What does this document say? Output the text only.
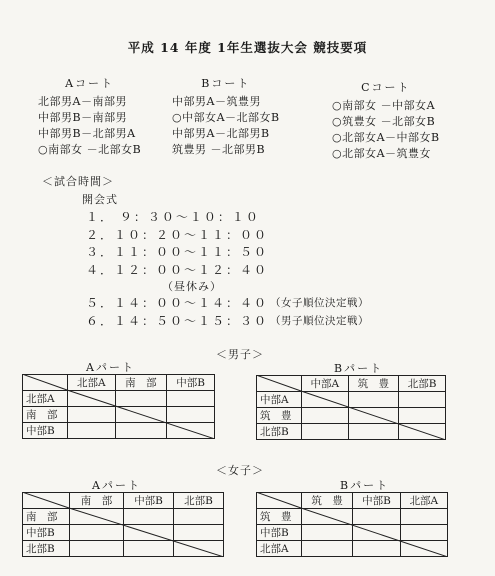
平成 14 年度 1年生選抜大会 競技要項
Aコート
北部男A－南部男
中部男B－南部男
中部男B－北部男A
○南部女 －北部女B
Bコート
中部男A－筑豊男
○中部女A－北部女B
中部男A－北部男B
筑豊男 －北部男B
Cコート
○南部女 －中部女A
○筑豊女 －北部女B
○北部女A－中部女B
○北部女A－筑豊女
＜試合時間＞
開会式
１． ９：３０～１０：１０
２．１０：２０～１１：００
３．１１：００～１１：５０
４．１２：００～１２：４０
（昼休み）
５．１４：００～１４：４０ （女子順位決定戦）
６．１４：５０～１５：３０ （男子順位決定戦）
＜男子＞
Aパート	Bパート
	北部A	南　部	中部B
北部A			
南　部			
中部B			
	中部A	筑　豊	北部B
中部A			
筑　豊			
北部B			
＜女子＞
Aパート	Bパート
	南　部	中部B	北部B
南　部			
中部B			
北部B			
	筑　豊	中部B	北部A
筑　豊			
中部B			
北部A			
